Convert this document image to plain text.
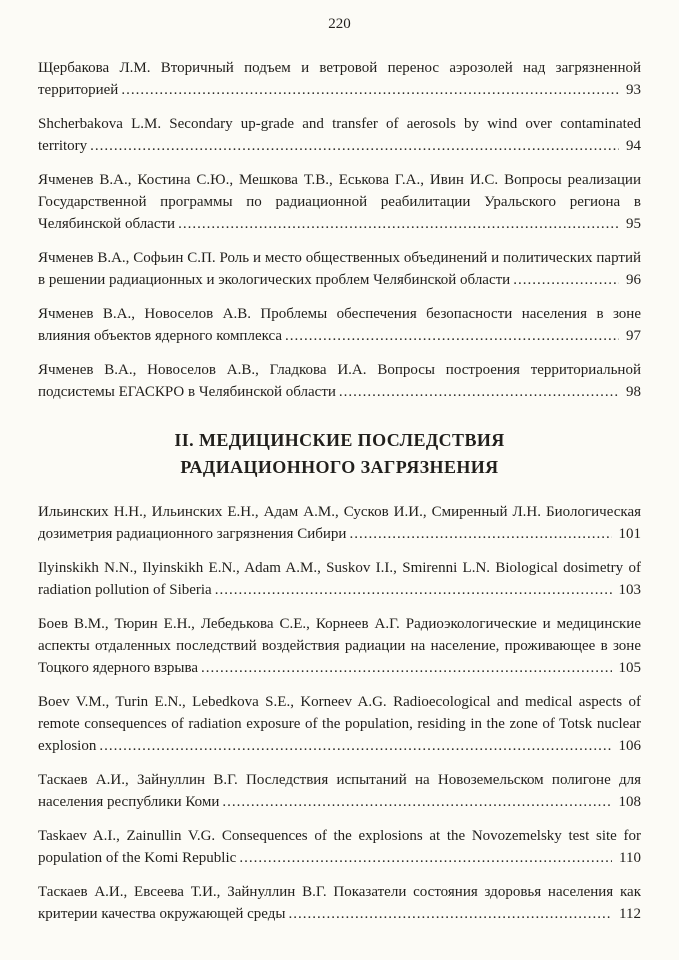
220

Щербакова Л.М. Вторичный подъем и ветровой перенос аэрозолей над загрязненной территорией .....	93

Shcherbakova L.M. Secondary up-grade and transfer of aerosols by wind over contaminated territory .....	94

Ячменев В.А., Костина С.Ю., Мешкова Т.В., Еськова Г.А., Ивин И.С. Вопросы реализации Государственной программы по радиационной реабилитации Уральского региона в Челябинской области .....	95

Ячменев В.А., Софьин С.П. Роль и место общественных объединений и политических партий в решении радиационных и экологических проблем Челябинской области .....	96

Ячменев В.А., Новоселов А.В. Проблемы обеспечения безопасности населения в зоне влияния объектов ядерного комплекса .....	97

Ячменев В.А., Новоселов А.В., Гладкова И.А. Вопросы построения территориальной подсистемы ЕГАСКРО в Челябинской области .....	98

II. МЕДИЦИНСКИЕ ПОСЛЕДСТВИЯ РАДИАЦИОННОГО ЗАГРЯЗНЕНИЯ

Ильинских Н.Н., Ильинских Е.Н., Адам А.М., Сусков И.И., Смиренный Л.Н. Биологическая дозиметрия радиационного загрязнения Сибири .....	101

Ilyinskikh N.N., Ilyinskikh E.N., Adam A.M., Suskov I.I., Smirenni L.N. Biological dosimetry of radiation pollution of Siberia .....	103

Боев В.М., Тюрин Е.Н., Лебедькова С.Е., Корнеев А.Г. Радиоэкологические и медицинские аспекты отдаленных последствий воздействия радиации на население, проживающее в зоне Тоцкого ядерного взрыва .....	105

Boev V.M., Turin E.N., Lebedkova S.E., Korneev A.G. Radioecological and medical aspects of remote consequences of radiation exposure of the population, residing in the zone of Totsk nuclear explosion .....	106

Таскаев А.И., Зайнуллин В.Г. Последствия испытаний на Новоземельском полигоне для населения республики Коми .....	108

Taskaev A.I., Zainullin V.G. Consequences of the explosions at the Novozemelsky test site for population of the Komi Republic .....	110

Таскаев А.И., Евсеева Т.И., Зайнуллин В.Г. Показатели состояния здоровья населения как критерии качества окружающей среды .....	112
